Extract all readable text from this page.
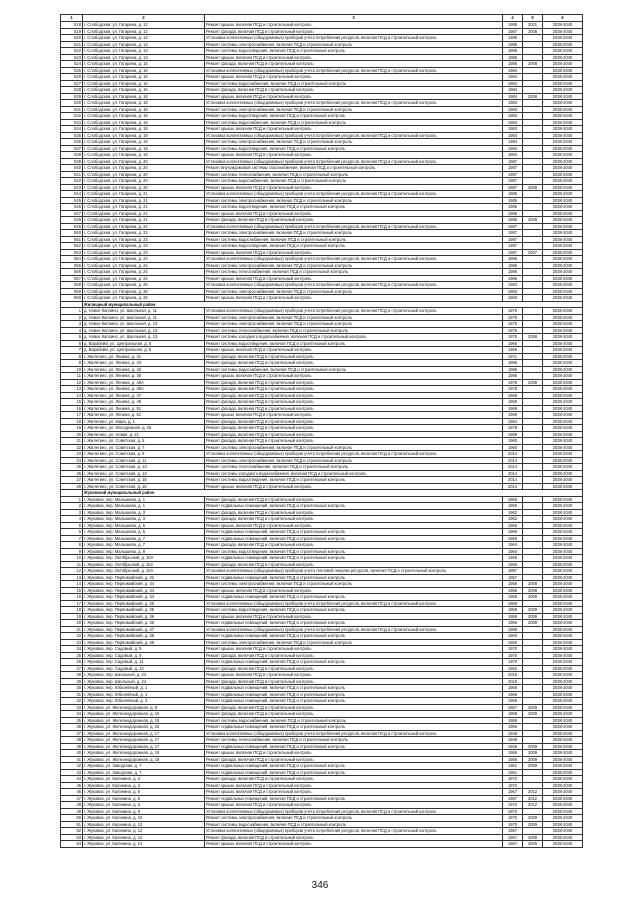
1	2	3	4	5	6
518	г. Слободская, ул. Гагарина, д. 12	Ремонт крыши, включая ПСД и строительный контроль	1988	2031	2038-2040
519	г. Слободская, ул. Гагарина, д. 12	Ремонт фасада, включая ПСД и строительный контроль	1987	2008	2038-2040
520	г. Слободская, ул. Гагарина, д. 13	Установка коллективных (общедомовых) приборов учета потребления ресурсов, включая ПСД и строительный контроль	1985		2038-2040
521	г. Слободская, ул. Гагарина, д. 13	Ремонт системы электроснабжения, включая ПСД и строительный контроль	1985		2038-2040
522	г. Слободская, ул. Гагарина, д. 13	Ремонт системы водоотведения, включая ПСД и строительный контроль	1985		2038-2040
523	г. Слободская, ул. Гагарина, д. 13	Ремонт крыши, включая ПСД и строительный контроль	1985		2038-2040
524	г. Слободская, ул. Гагарина, д. 15	Ремонт фасада, включая ПСД и строительный контроль	1985	2008	2038-2040
525	г. Слободская, ул. Гагарина, д. 16	Установка коллективных (общедомовых) приборов учета потребления ресурсов, включая ПСД и строительный контроль	1984		2038-2040
526	г. Слободская, ул. Гагарина, д. 16	Ремонт крыши, включая ПСД и строительный контроль	1984		2038-2040
527	г. Слободская, ул. Гагарина, д. 16	Ремонт системы водоснабжения, включая ПСД и строительный контроль	1984		2038-2040
528	г. Слободская, ул. Гагарина, д. 16	Ремонт фасада, включая ПСД и строительный контроль	1984		2038-2040
529	г. Слободская, ул. Гагарина, д. 16	Ремонт крыши, включая ПСД и строительный контроль	1984	2008	2038-2040
530	г. Слободская, ул. Гагарина, д. 18	Установка коллективных (общедомовых) приборов учета потребления ресурсов, включая ПСД и строительный контроль	1983		2038-2040
531	г. Слободская, ул. Гагарина, д. 18	Ремонт системы электроснабжения, включая ПСД и строительный контроль	1983		2038-2040
532	г. Слободская, ул. Гагарина, д. 18	Ремонт системы водоотведения, включая ПСД и строительный контроль	1983		2038-2040
533	г. Слободская, ул. Гагарина, д. 18	Ремонт системы водоснабжения, включая ПСД и строительный контроль	1983		2038-2040
534	г. Слободская, ул. Гагарина, д. 18	Ремонт крыши, включая ПСД и строительный контроль	1983		2038-2040
535	г. Слободская, ул. Гагарина, д. 19	Установка коллективных (общедомовых) приборов учета потребления ресурсов, включая ПСД и строительный контроль	1984		2038-2040
536	г. Слободская, ул. Гагарина, д. 19	Ремонт системы электроснабжения, включая ПСД и строительный контроль	1984		2038-2040
537	г. Слободская, ул. Гагарина, д. 19	Ремонт системы водоотведения, включая ПСД и строительный контроль	1984		2038-2040
538	г. Слободская, ул. Гагарина, д. 19	Ремонт крыши, включая ПСД и строительный контроль	1984		2038-2040
539	г. Слободская, ул. Гагарина, д. 20	Установка коллективных (общедомовых) приборов учета потребления ресурсов, включая ПСД и строительный контроль	1987		2038-2040
540	г. Слободская, ул. Гагарина, д. 20	Ремонт внутридомовой системы газоснабжения, включая ПСД и строительный контроль	1987		2038-2040
541	г. Слободская, ул. Гагарина, д. 20	Ремонт системы теплоснабжения, включая ПСД и строительный контроль	1987		2038-2040
542	г. Слободская, ул. Гагарина, д. 20	Ремонт системы водоснабжения, включая ПСД и строительный контроль	1987		2038-2040
543	г. Слободская, ул. Гагарина, д. 20	Ремонт крыши, включая ПСД и строительный контроль	1987	2008	2038-2040
544	г. Слободская, ул. Гагарина, д. 21	Установка коллективных (общедомовых) приборов учета потребления ресурсов, включая ПСД и строительный контроль	1985		2038-2040
545	г. Слободская, ул. Гагарина, д. 21	Ремонт системы электроснабжения, включая ПСД и строительный контроль	1985		2038-2040
546	г. Слободская, ул. Гагарина, д. 21	Ремонт системы водоотведения, включая ПСД и строительный контроль	1985		2038-2040
547	г. Слободская, ул. Гагарина, д. 21	Ремонт крыши, включая ПСД и строительный контроль	1985		2038-2040
548	г. Слободская, ул. Гагарина, д. 21	Ремонт фасада, включая ПСД и строительный контроль	1985	2008	2038-2040
549	г. Слободская, ул. Гагарина, д. 22	Установка коллективных (общедомовых) приборов учета потребления ресурсов, включая ПСД и строительный контроль	1987		2038-2040
550	г. Слободская, ул. Гагарина, д. 22	Ремонт системы электроснабжения, включая ПСД и строительный контроль	1987		2038-2040
551	г. Слободская, ул. Гагарина, д. 23	Ремонт системы водоснабжения, включая ПСД и строительный контроль	1987		2038-2040
552	г. Слободская, ул. Гагарина, д. 23	Ремонт системы водоотведения, включая ПСД и строительный контроль	1987		2038-2040
553	г. Слободская, ул. Гагарина, д. 23	Ремонт крыши, включая ПСД и строительный контроль	1987	2007	2038-2040
554	г. Слободская, ул. Гагарина, д. 24	Установка коллективных (общедомовых) приборов учета потребления ресурсов, включая ПСД и строительный контроль	1986		2038-2040
555	г. Слободская, ул. Гагарина, д. 24	Ремонт системы электроснабжения, включая ПСД и строительный контроль	1986		2038-2040
556	г. Слободская, ул. Гагарина, д. 24	Ремонт системы теплоснабжения, включая ПСД и строительный контроль	1986		2038-2040
557	г. Слободская, ул. Гагарина, д. 24	Ремонт крыши, включая ПСД и строительный контроль	1986		2038-2040
558	г. Слободская, ул. Гагарина, д. 25	Установка коллективных (общедомовых) приборов учета потребления ресурсов, включая ПСД и строительный контроль	1983		2038-2040
559	г. Слободская, ул. Гагарина, д. 25	Ремонт системы электроснабжения, включая ПСД и строительный контроль	1983		2038-2040
560	г. Слободская, ул. Гагарина, д. 25	Ремонт крыши, включая ПСД и строительный контроль	1983		2038-2040
	Жилищный муниципальный район				
1	д. Новое Каплино, ул. Школьная, д. 11	Установка коллективных (общедомовых) приборов учета потребления ресурсов, включая ПСД и строительный контроль	1975		2038-2040
2	д. Новое Каплино, ул. Школьная, д. 11	Ремонт системы электроснабжения, включая ПСД и строительный контроль	1975		2038-2040
3	д. Новое Каплино, ул. Школьная, д. 13	Ремонт системы электроснабжения, включая ПСД и строительный контроль	1975		2038-2040
4	д. Новое Каплино, ул. Школьная, д. 13	Ремонт системы теплоснабжения, включая ПСД и строительный контроль	1975		2038-2040
5	д. Новое Каплино, ул. Школьная, д. 13	Ремонт системы холодного водоснабжения, включая ПСД и строительный контроль	1975	2008	2038-2040
6	д. Варабейкі, ул. Центральная, д. 5	Ремонт системы водоотведения, включая ПСД и строительный контроль	1966		2038-2040
7	д. Варабейкі, ул. Центральная, д. 5	Ремонт крыши, включая ПСД и строительный контроль	1966		2038-2040
8	г. Жилетино, ул. Ленина, д. 41	Ремонт фасада, включая ПСД и строительный контроль	1971		2038-2040
9	г. Жилетино, ул. Ленина, д. 43	Ремонт фасада, включая ПСД и строительный контроль	1986		2038-2040
10	г. Жилетино, ул. Ленина, д. 43	Ремонт системы водоснабжения, включая ПСД и строительный контроль	1986		2038-2040
11	г. Жилетино, ул. Ленина, д. 45	Ремонт крыши, включая ПСД и строительный контроль	1986		2038-2040
12	г. Жилетино, ул. Ленина, д. 45А	Ремонт фасада, включая ПСД и строительный контроль	1978	2008	2038-2040
13	г. Жилетино, ул. Ленина, д. 45А	Ремонт фасада, включая ПСД и строительный контроль	1978		2038-2040
14	г. Жилетино, ул. Ленина, д. 47	Ремонт фасада, включая ПСД и строительный контроль	1969		2038-2040
15	г. Жилетино, ул. Ленина, д. 49	Ремонт фасада, включая ПСД и строительный контроль	1969		2038-2040
16	г. Жилетино, ул. Ленина, д. 51	Ремонт фасада, включая ПСД и строительный контроль	1969		2038-2040
17	г. Жилетино, ул. Ленина, д. 51	Ремонт крыши, включая ПСД и строительный контроль	1969		2038-2040
18	г. Жилетино, ул. Мира, д. 1	Ремонт фасада, включая ПСД и строительный контроль	1964		2038-2040
19	г. Жилетино, ул. Молодежная, д. 18	Ремонт фасада, включая ПСД и строительный контроль	1978		2038-2040
20	г. Жилетино, ул. Новая, д. 21	Ремонт фасада, включая ПСД и строительный контроль	1989		2038-2040
21	г. Жилетино, ул. Советская, д. 5	Ремонт фасада, включая ПСД и строительный контроль	1960		2038-2040
22	г. Жилетино, ул. Советская, д. 7	Ремонт системы электроснабжения, включая ПСД и строительный контроль	1960		2038-2040
23	г. Жилетино, ул. Советская, д. 9	Установка коллективных (общедомовых) приборов учета потребления ресурсов, включая ПСД и строительный контроль	2014		2038-2040
24	г. Жилетино, ул. Советская, д. 11	Ремонт системы электроснабжения, включая ПСД и строительный контроль	2014		2038-2040
25	г. Жилетино, ул. Советская, д. 13	Ремонт системы теплоснабжения, включая ПСД и строительный контроль	2014		2038-2040
26	г. Жилетино, ул. Советская, д. 13	Ремонт системы холодного водоснабжения, включая ПСД и строительный контроль	2014		2038-2040
27	г. Жилетино, ул. Советская, д. 15	Ремонт системы водоотведения, включая ПСД и строительный контроль	2014		2038-2040
28	г. Жилетино, ул. Советская, д. 15	Ремонт крыши, включая ПСД и строительный контроль	2014		2038-2040
	Жуковский муниципальный район				
1	г. Жуковка, пер. Малышева, д. 1	Ремонт фасада, включая ПСД и строительный контроль	1960		2038-2040
2	г. Жуковка, пер. Малышева, д. 1	Ремонт подвальных помещений, включая ПСД и строительный контроль	1960		2038-2040
3	г. Жуковка, пер. Малышева, д. 3	Ремонт фасада, включая ПСД и строительный контроль	1962		2038-2040
4	г. Жуковка, пер. Малышева, д. 3	Ремонт фасада, включая ПСД и строительный контроль	1962		2038-2040
5	г. Жуковка, пер. Малышева, д. 5	Ремонт крыши, включая ПСД и строительный контроль	1966		2038-2040
6	г. Жуковка, пер. Малышева, д. 5	Ремонт подвальных помещений, включая ПСД и строительный контроль	1966		2038-2040
7	г. Жуковка, пер. Малышева, д. 7	Ремонт подвальных помещений, включая ПСД и строительный контроль	1966		2038-2040
8	г. Жуковка, пер. Малышева, д. 7	Ремонт фасада, включая ПСД и строительный контроль	1964		2038-2040
9	г. Жуковка, пер. Малышева, д. 9	Ремонт системы водоотведения, включая ПСД и строительный контроль	1964		2038-2040
10	г. Жуковка, пер. Октябрьский, д. 10А	Ремонт подвальных помещений, включая ПСД и строительный контроль	1966		2038-2040
11	г. Жуковка, пер. Октябрьский, д. 10А	Ремонт фасада, включая ПСД и строительный контроль	1966		2038-2040
12	г. Жуковка, пер. Октябрьский, д. 10А	Установка коллективных (общедомовых) приборов учета тепловой энергии ресурсов, включая ПСД и строительный контроль	1957		2038-2040
13	г. Жуковка, пер. Первомайский, д. 32	Ремонт подвальных помещений, включая ПСД и строительный контроль	1957		2038-2040
14	г. Жуковка, пер. Первомайский, д. 34	Ремонт системы электроснабжения, включая ПСД и строительный контроль	1955	2008	2038-2040
15	г. Жуковка, пер. Первомайский, д. 34	Ремонт крыши, включая ПСД и строительный контроль	1955	2008	2038-2040
16	г. Жуковка, пер. Первомайский, д. 34	Ремонт подвальных помещений, включая ПСД и строительный контроль	1955	2008	2038-2040
17	г. Жуковка, пер. Первомайский, д. 35	Установка коллективных (общедомовых) приборов учета потребления ресурсов, включая ПСД и строительный контроль	1959		2038-2040
18	г. Жуковка, пер. Первомайский, д. 35	Ремонт системы водоотведения, включая ПСД и строительный контроль	1959	2009	2038-2040
19	г. Жуковка, пер. Первомайский, д. 36	Ремонт крыши, включая ПСД и строительный контроль	1959	2009	2038-2040
20	г. Жуковка, пер. Первомайский, д. 36	Ремонт подвальных помещений, включая ПСД и строительный контроль	1959	2009	2038-2040
21	г. Жуковка, пер. Первомайский, д. 37	Установка коллективных (общедомовых) приборов учета потребления ресурсов, включая ПСД и строительный контроль	1959		2038-2040
22	г. Жуковка, пер. Первомайский, д. 38	Ремонт подвальных помещений, включая ПСД и строительный контроль	1960		2038-2040
23	г. Жуковка, пер. Первомайский, д. 38	Ремонт системы электроснабжения, включая ПСД и строительный контроль	1960		2038-2040
24	г. Жуковка, пер. Садовый, д. 9	Ремонт крыши, включая ПСД и строительный контроль	1970		2038-2040
25	г. Жуковка, пер. Садовый, д. 9	Ремонт фасада, включая ПСД и строительный контроль	1970		2038-2040
26	г. Жуковка, пер. Садовый, д. 11	Ремонт подвальных помещений, включая ПСД и строительный контроль	1970		2038-2040
27	г. Жуковка, пер. Садовый, д. 13	Ремонт фасада, включая ПСД и строительный контроль	1962		2038-2040
28	г. Жуковка, пер. Школьный, д. 24	Ремонт крыши, включая ПСД и строительный контроль	2015		2038-2040
29	г. Жуковка, пер. Школьный, д. 24	Ремонт фасада, включая ПСД и строительный контроль	2015		2038-2040
30	г. Жуковка, пер. Юбилейный, д. 1	Ремонт подвальных помещений, включая ПСД и строительный контроль	1966		2038-2040
31	г. Жуковка, пер. Юбилейный, д. 1	Ремонт подвальных помещений, включая ПСД и строительный контроль	1966		2038-2040
32	г. Жуковка, пер. Юбилейный, д. 3	Ремонт подвальных помещений, включая ПСД и строительный контроль	1966		2038-2040
33	г. Жуковка, ул. Железнодорожная, д. 8	Ремонт фасада, включая ПСД и строительный контроль	1957	2009	2038-2040
34	г. Жуковка, ул. Железнодорожная, д. 10	Ремонт фасада, включая ПСД и строительный контроль	1958	2009	2038-2040
35	г. Жуковка, ул. Железнодорожная, д. 15	Ремонт системы водоснабжения, включая ПСД и строительный контроль	1959		2038-2040
36	г. Жуковка, ул. Железнодорожная, д. 15	Ремонт подвальных помещений, включая ПСД и строительный контроль	1959		2038-2040
37	г. Жуковка, ул. Железнодорожная, д. 17	Установка коллективных (общедомовых) приборов учета потребления ресурсов, включая ПСД и строительный контроль	1946		2038-2040
38	г. Жуковка, ул. Железнодорожная, д. 17	Ремонт системы теплоснабжения, включая ПСД и строительный контроль	1946		2038-2040
39	г. Жуковка, ул. Железнодорожная, д. 17	Ремонт подвальных помещений, включая ПСД и строительный контроль	1946	2009	2038-2040
40	г. Жуковка, ул. Железнодорожная, д. 19	Ремонт крыши, включая ПСД и строительный контроль	1956	2009	2038-2040
41	г. Жуковка, ул. Железнодорожная, д. 19	Ремонт фасада, включая ПСД и строительный контроль	1956	2009	2038-2040
42	г. Жуковка, ул. Заводская, д. 7	Ремонт подвальных помещений, включая ПСД и строительный контроль	1961	2009	2038-2040
43	г. Жуковка, ул. Заводская, д. 7	Ремонт подвальных помещений, включая ПСД и строительный контроль	1961		2038-2040
44	г. Жуковка, ул. Калинина, д. 3	Ремонт фасада, включая ПСД и строительный контроль	1972		2038-2040
45	г. Жуковка, ул. Калинина, д. 3	Ремонт крыши, включая ПСД и строительный контроль	1972		2038-2040
46	г. Жуковка, ул. Калинина, д. 5	Ремонт крыши, включая ПСД и строительный контроль	1967	2012	2038-2040
47	г. Жуковка, ул. Калинина, д. 5	Ремонт подвальных помещений, включая ПСД и строительный контроль	1967	2012	2038-2040
48	г. Жуковка, ул. Калинина, д. 6	Ремонт крыши, включая ПСД и строительный контроль	1973	2012	2038-2040
49	г. Жуковка, ул. Калинина, д. 8	Установка коллективных (общедомовых) приборов учета потребления ресурсов, включая ПСД и строительный контроль	1970		2038-2040
50	г. Жуковка, ул. Калинина, д. 10	Ремонт системы электроснабжения, включая ПСД и строительный контроль	1970	2009	2038-2040
51	г. Жуковка, ул. Калинина, д. 12	Ремонт системы водоснабжения, включая ПСД и строительный контроль	1970	2009	2038-2040
52	г. Жуковка, ул. Калинина, д. 12	Установка коллективных (общедомовых) приборов учета потребления ресурсов, включая ПСД и строительный контроль	1967		2038-2040
53	г. Жуковка, ул. Калинина, д. 12	Ремонт фасада, включая ПСД и строительный контроль	1967	2009	2038-2040
54	г. Жуковка, ул. Калинина, д. 14	Ремонт крыши, включая ПСД и строительный контроль	1967	2009	2038-2040
346
